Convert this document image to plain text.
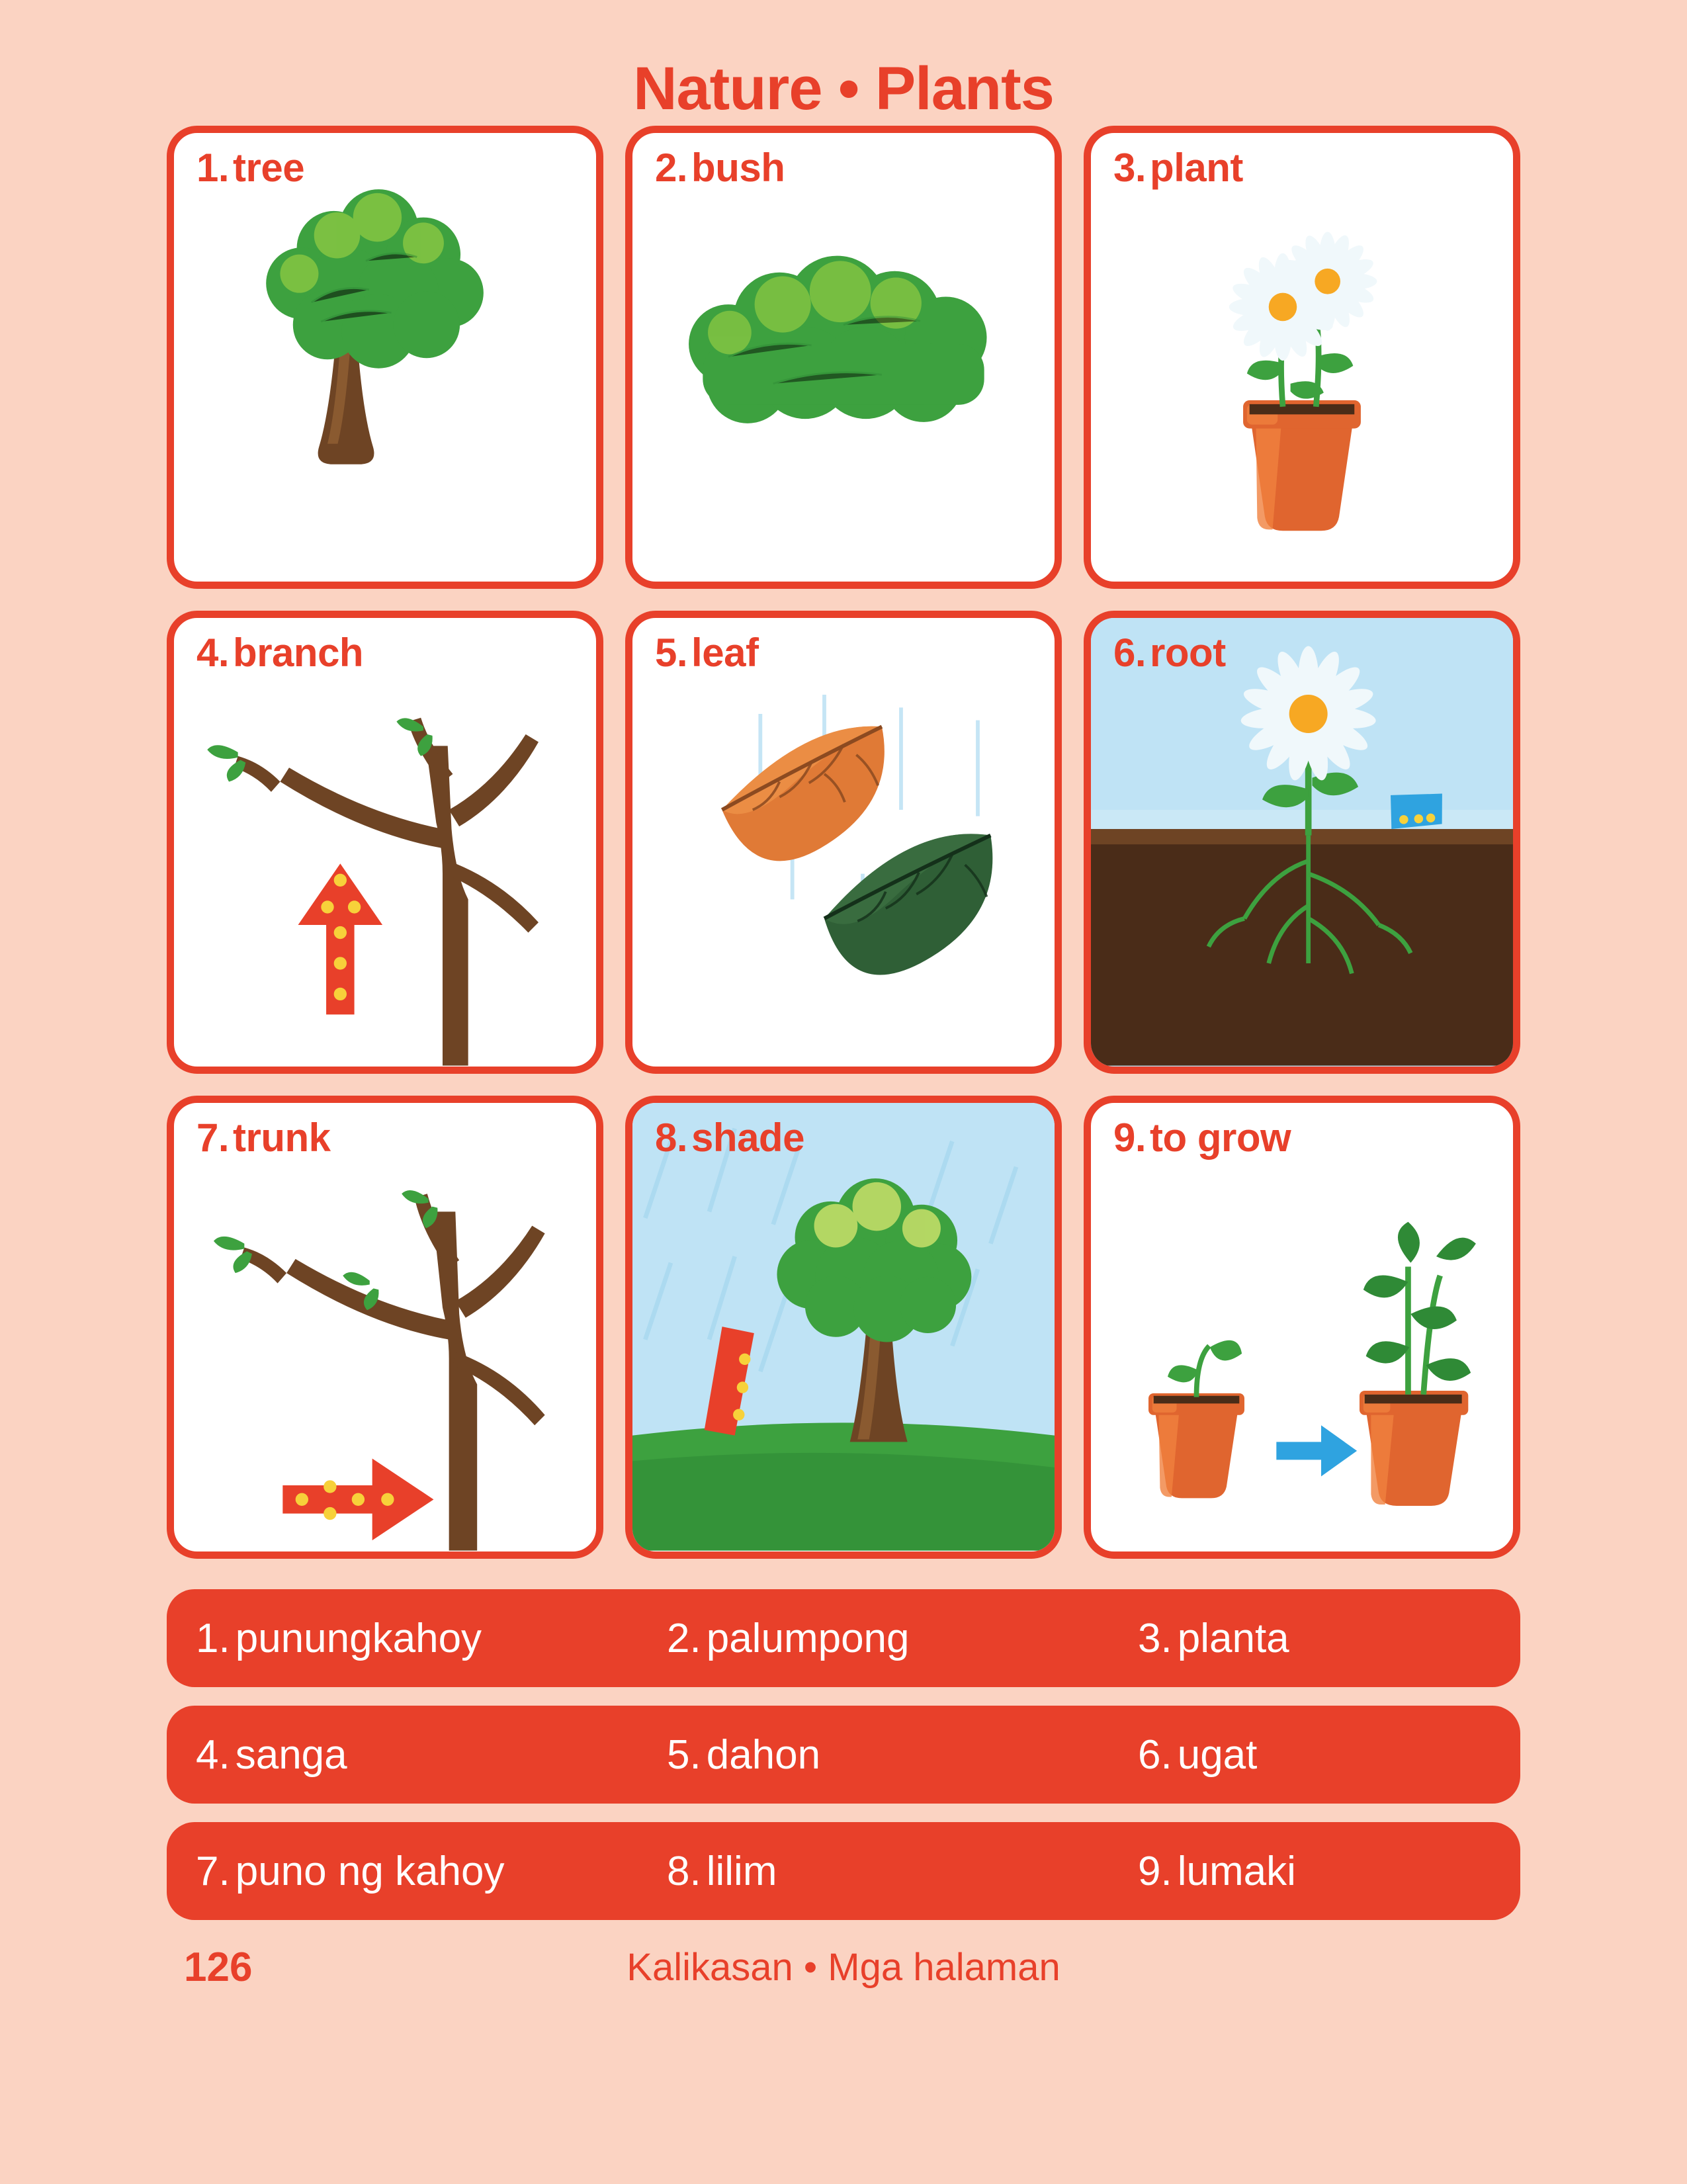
Nature • Plants
1. tree	2. bush	3. plant
4. branch	5. leaf	6. root
7. trunk	8. shade	9. to grow
1. punungkahoy	2. palumpong	3. planta
4. sanga	5. dahon	6. ugat
7. puno ng kahoy	8. lilim	9. lumaki
126	Kalikasan • Mga halaman
